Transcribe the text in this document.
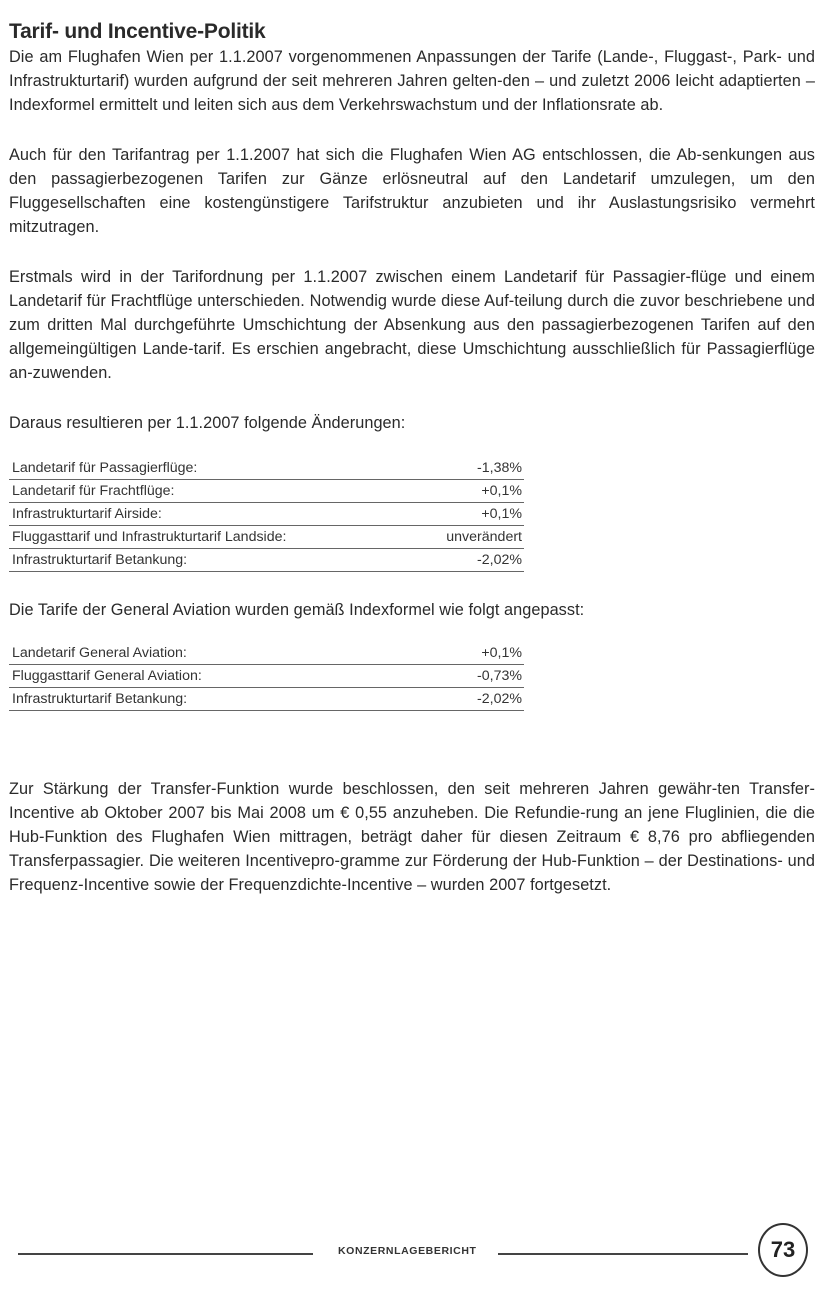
Tarif- und Incentive-Politik

Die am Flughafen Wien per 1.1.2007 vorgenommenen Anpassungen der Tarife (Lande-, Fluggast-, Park- und Infrastrukturtarif) wurden aufgrund der seit mehreren Jahren gelten-den – und zuletzt 2006 leicht adaptierten – Indexformel ermittelt und leiten sich aus dem Verkehrswachstum und der Inflationsrate ab.

Auch für den Tarifantrag per 1.1.2007 hat sich die Flughafen Wien AG entschlossen, die Ab-senkungen aus den passagierbezogenen Tarifen zur Gänze erlösneutral auf den Landetarif umzulegen, um den Fluggesellschaften eine kostengünstigere Tarifstruktur anzubieten und ihr Auslastungsrisiko vermehrt mitzutragen.

Erstmals wird in der Tarifordnung per 1.1.2007 zwischen einem Landetarif für Passagier-flüge und einem Landetarif für Frachtflüge unterschieden. Notwendig wurde diese Auf-teilung durch die zuvor beschriebene und zum dritten Mal durchgeführte Umschichtung der Absenkung aus den passagierbezogenen Tarifen auf den allgemeingültigen Lande-tarif. Es erschien angebracht, diese Umschichtung ausschließlich für Passagierflüge an-zuwenden.

Daraus resultieren per 1.1.2007 folgende Änderungen:

Landetarif für Passagierflüge:	-1,38%
Landetarif für Frachtflüge:	+0,1%
Infrastrukturtarif Airside:	+0,1%
Fluggasttarif und Infrastrukturtarif Landside:	unverändert
Infrastrukturtarif Betankung:	-2,02%

Die Tarife der General Aviation wurden gemäß Indexformel wie folgt angepasst:

Landetarif General Aviation:	+0,1%
Fluggasttarif General Aviation:	-0,73%
Infrastrukturtarif Betankung:	-2,02%

Zur Stärkung der Transfer-Funktion wurde beschlossen, den seit mehreren Jahren gewähr-ten Transfer-Incentive ab Oktober 2007 bis Mai 2008 um € 0,55 anzuheben. Die Refundie-rung an jene Fluglinien, die die Hub-Funktion des Flughafen Wien mittragen, beträgt daher für diesen Zeitraum € 8,76 pro abfliegenden Transferpassagier. Die weiteren Incentivepro-gramme zur Förderung der Hub-Funktion – der Destinations- und Frequenz-Incentive sowie der Frequenzdichte-Incentive – wurden 2007 fortgesetzt.

KONZERNLAGEBERICHT	73
